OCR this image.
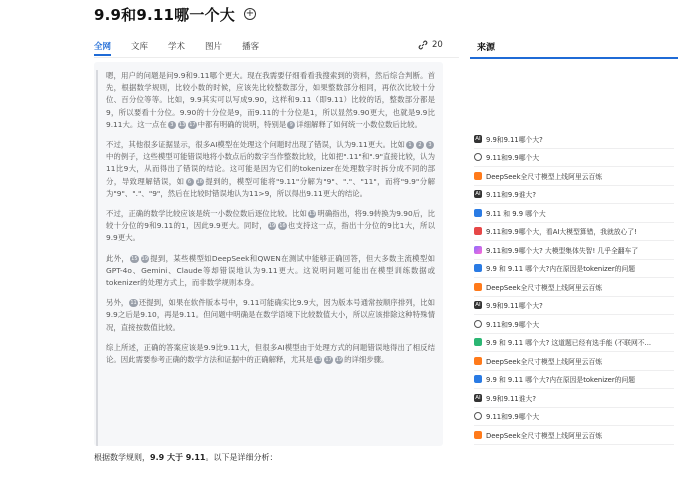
9.9和9.11哪一个大 +
全网 文库 学术 图片 播客	20	来源

嗯，用户的问题是问9.9和9.11哪个更大。现在我需要仔细看看我搜索到的资料，然后综合判断。首先，根据数学规则，比较小数的时候，应该先比较整数部分，如果整数部分相同，再依次比较十分位、百分位等等。比如，9.9其实可以写成9.90，这样和9.11（即9.11）比较的话，整数部分都是9，所以要看十分位。9.90的十分位是9，而9.11的十分位是1，所以显然9.90更大，也就是9.9比9.11大。这一点在 3 13 17 中都有明确的说明，特别是 9 详细解释了如何统一小数位数后比较。

不过，其他很多证据显示，很多AI模型在处理这个问题时出现了错误，认为9.11更大。比如 1 2 3中的例子，这些模型可能错误地将小数点后的数字当作整数比较，比如把".11"和".9"直接比较，认为11比9大，从而得出了错误的结论。这可能是因为它们的tokenizer在处理数字时拆分成不同的部分，导致理解错误，如 6 16 提到的，模型可能将"9.11"分解为"9"、"."、"11"，而将"9.9"分解为"9"、"."、"9"，然后在比较时错误地认为11>9，所以得出9.11更大的结论。

不过，正确的数学比较应该是统一小数位数后逐位比较。比如 13 明确指出，将9.9转换为9.90后，比较十分位的9和9.11的1，因此9.9更大。同时， 19 16 也支持这一点，指出十分位的9比1大，所以9.9更大。

此外， 15 19 提到，某些模型如DeepSeek和QWEN在测试中能够正确回答，但大多数主流模型如GPT-4o、Gemini、Claude等却错误地认为9.11更大。这说明问题可能出在模型训练数据或tokenizer的处理方式上，而非数学规则本身。

另外， 11 还提到，如果在软件版本号中，9.11可能确实比9.9大，因为版本号通常按顺序排列，比如9.9之后是9.10，再是9.11。但问题中明确是在数学语境下比较数值大小，所以应该排除这种特殊情况，直接按数值比较。

综上所述，正确的答案应该是9.9比9.11大，但很多AI模型由于处理方式的问题错误地得出了相反结论。因此需要参考正确的数学方法和证据中的正确解释，尤其是 13 17 19 的详细步骤。

根据数学规则，9.9 大于 9.11。以下是详细分析：
AI 9.9和9.11哪个大?
9.11和9.9哪个大
DeepSeek全尺寸模型上线阿里云百炼
AI 9.11和9.9谁大?
9.11 和 9.9 哪个大
9.11和9.9哪个大，看AI大模型算错，我就放心了!
9.11和9.9哪个大? 大模型集体失智! 几乎全翻车了
9.9 和 9.11 哪个大?内在原因是tokenizer的问题
DeepSeek全尺寸模型上线阿里云百炼
AI 9.9和9.11哪个大?
9.11和9.9哪个大
9.9 和 9.11 哪个大? 这道题已经有选手能 (不联网不...
DeepSeek全尺寸模型上线阿里云百炼
9.9 和 9.11 哪个大?内在原因是tokenizer的问题
AI 9.9和9.11谁大?
9.11和9.9哪个大
DeepSeek全尺寸模型上线阿里云百炼
